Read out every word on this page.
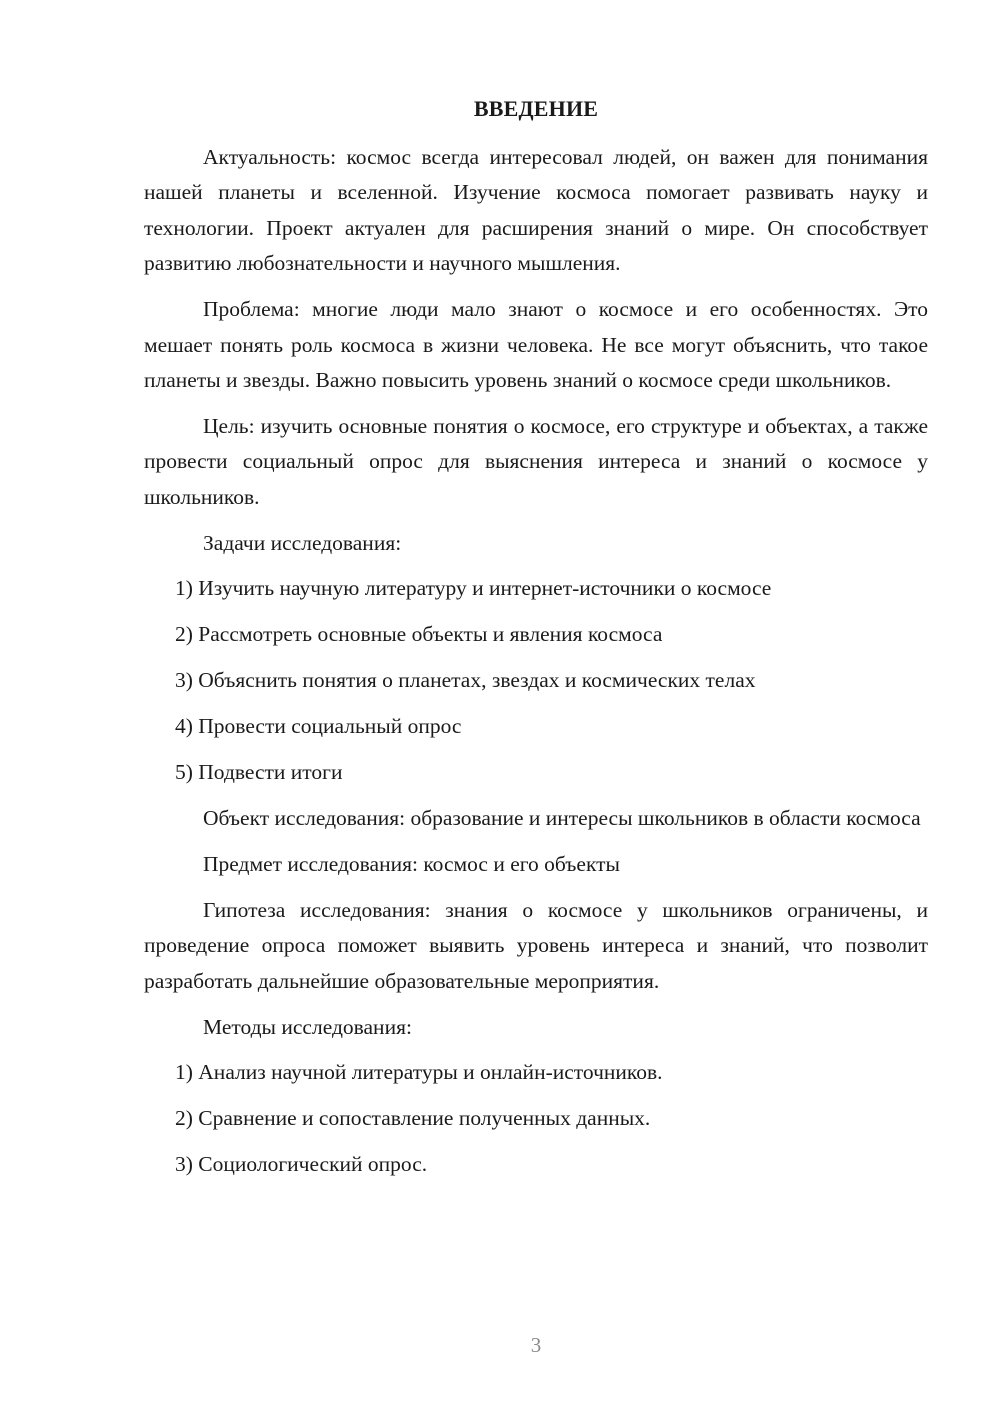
ВВЕДЕНИЕ

Актуальность: космос всегда интересовал людей, он важен для понимания нашей планеты и вселенной. Изучение космоса помогает развивать науку и технологии. Проект актуален для расширения знаний о мире. Он способствует развитию любознательности и научного мышления.

Проблема: многие люди мало знают о космосе и его особенностях. Это мешает понять роль космоса в жизни человека. Не все могут объяснить, что такое планеты и звезды. Важно повысить уровень знаний о космосе среди школьников.

Цель: изучить основные понятия о космосе, его структуре и объектах, а также провести социальный опрос для выяснения интереса и знаний о космосе у школьников.

Задачи исследования:

1) Изучить научную литературу и интернет-источники о космосе

2) Рассмотреть основные объекты и явления космоса

3) Объяснить понятия о планетах, звездах и космических телах

4) Провести социальный опрос

5) Подвести итоги

Объект исследования: образование и интересы школьников в области космоса

Предмет исследования: космос и его объекты

Гипотеза исследования: знания о космосе у школьников ограничены, и проведение опроса поможет выявить уровень интереса и знаний, что позволит разработать дальнейшие образовательные мероприятия.

Методы исследования:

1) Анализ научной литературы и онлайн-источников.

2) Сравнение и сопоставление полученных данных.

3) Социологический опрос.

3
